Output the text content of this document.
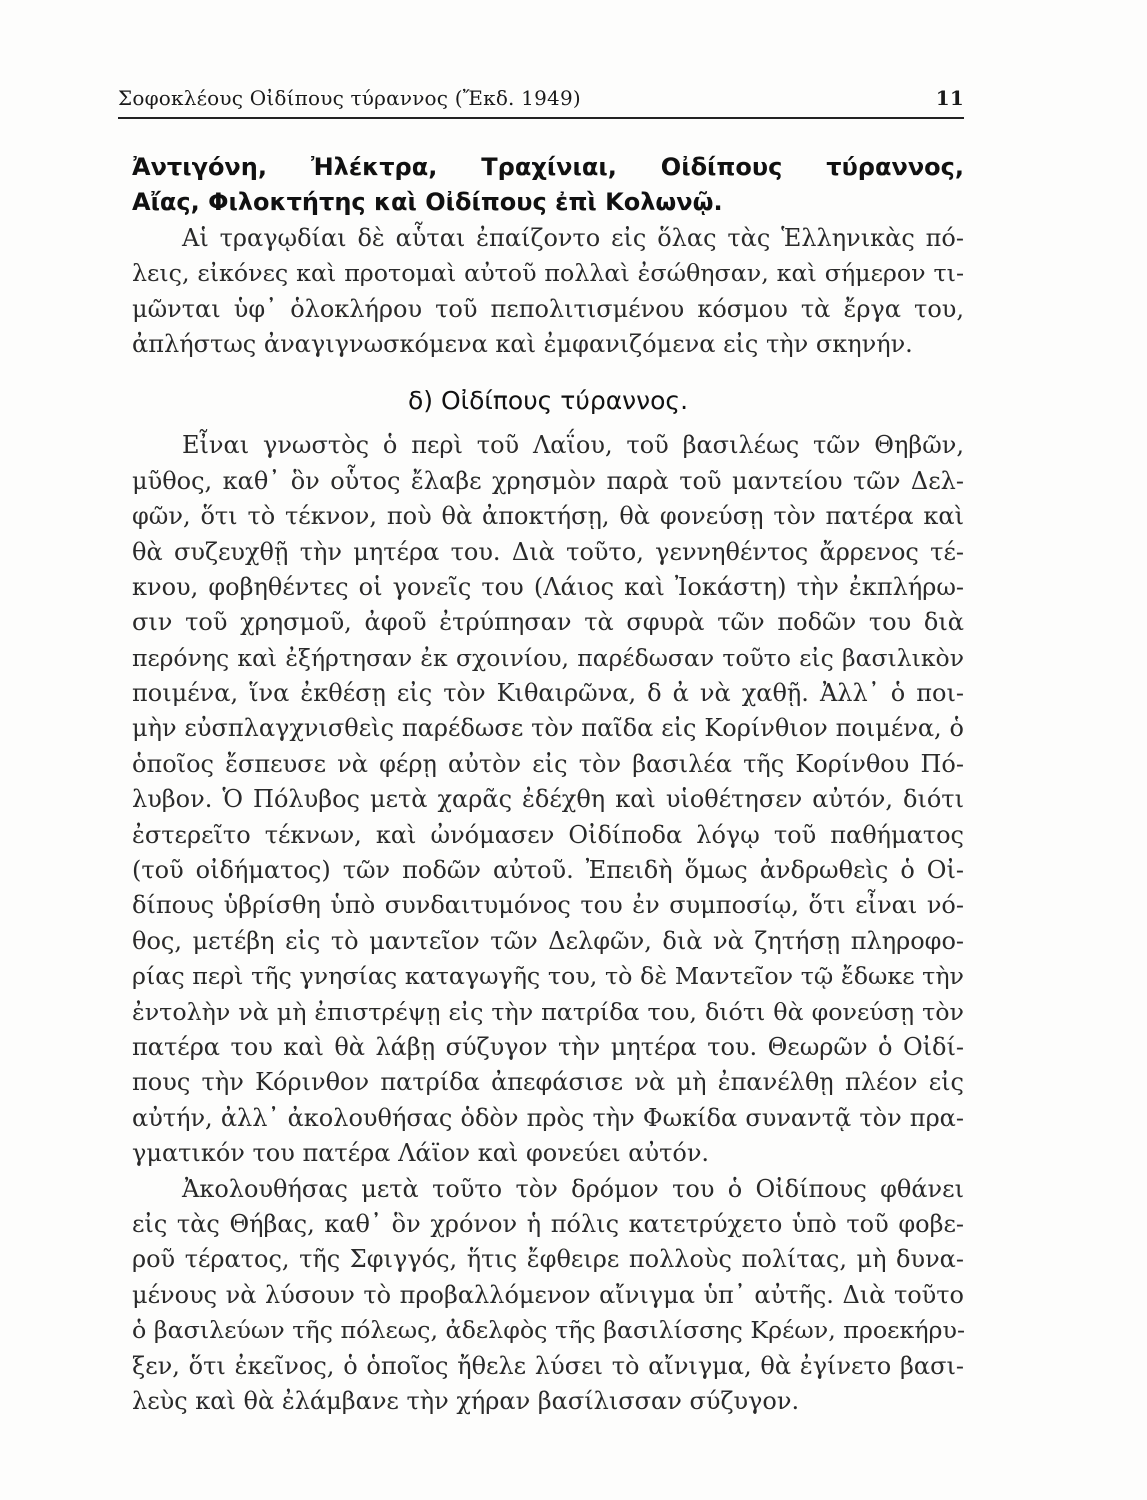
Σοφοκλέους Οἰδίπους τύραννος (Ἔκδ. 1949)	11
Ἀντιγόνη, Ἠλέκτρα, Τραχίνιαι, Οἰδίπους τύραννος,
Αἴας, Φιλοκτήτης καὶ Οἰδίπους ἐπὶ Κολωνῷ.
Αἱ τραγῳδίαι δὲ αὗται ἐπαίζοντο εἰς ὅλας τὰς Ἑλληνικὰς πό-
λεις, εἰκόνες καὶ προτομαὶ αὐτοῦ πολλαὶ ἐσώθησαν, καὶ σήμερον τι-
μῶνται ὑφ᾽ ὁλοκλήρου τοῦ πεπολιτισμένου κόσμου τὰ ἔργα του,
ἀπλήστως ἀναγιγνωσκόμενα καὶ ἐμφανιζόμενα εἰς τὴν σκηνήν.
δ) Οἰδίπους τύραννος.
Εἶναι γνωστὸς ὁ περὶ τοῦ Λαΐου, τοῦ βασιλέως τῶν Θηβῶν,
μῦθος, καθ᾽ ὃν οὗτος ἔλαβε χρησμὸν παρὰ τοῦ μαντείου τῶν Δελ-
φῶν, ὅτι τὸ τέκνον, ποὺ θὰ ἀποκτήσῃ, θὰ φονεύσῃ τὸν πατέρα καὶ
θὰ συζευχθῇ τὴν μητέρα του. Διὰ τοῦτο, γεννηθέντος ἄρρενος τέ-
κνου, φοβηθέντες οἱ γονεῖς του (Λάιος καὶ Ἰοκάστη) τὴν ἐκπλήρω-
σιν τοῦ χρησμοῦ, ἀφοῦ ἐτρύπησαν τὰ σφυρὰ τῶν ποδῶν του διὰ
περόνης καὶ ἐξήρτησαν ἐκ σχοινίου, παρέδωσαν τοῦτο εἰς βασιλικὸν
ποιμένα, ἵνα ἐκθέσῃ εἰς τὸν Κιθαιρῶνα, δ ἀ νὰ χαθῇ. Ἀλλ᾽ ὁ ποι-
μὴν εὐσπλαγχνισθεὶς παρέδωσε τὸν παῖδα εἰς Κορίνθιον ποιμένα, ὁ
ὁποῖος ἔσπευσε νὰ φέρῃ αὐτὸν εἰς τὸν βασιλέα τῆς Κορίνθου Πό-
λυβον. Ὁ Πόλυβος μετὰ χαρᾶς ἐδέχθη καὶ υἱοθέτησεν αὐτόν, διότι
ἐστερεῖτο τέκνων, καὶ ὠνόμασεν Οἰδίποδα λόγῳ τοῦ παθήματος
(τοῦ οἰδήματος) τῶν ποδῶν αὐτοῦ. Ἐπειδὴ ὅμως ἀνδρωθεὶς ὁ Οἰ-
δίπους ὑβρίσθη ὑπὸ συνδαιτυμόνος του ἐν συμποσίῳ, ὅτι εἶναι νό-
θος, μετέβη εἰς τὸ μαντεῖον τῶν Δελφῶν, διὰ νὰ ζητήσῃ πληροφο-
ρίας περὶ τῆς γνησίας καταγωγῆς του, τὸ δὲ Μαντεῖον τῷ ἔδωκε τὴν
ἐντολὴν νὰ μὴ ἐπιστρέψῃ εἰς τὴν πατρίδα του, διότι θὰ φονεύσῃ τὸν
πατέρα του καὶ θὰ λάβῃ σύζυγον τὴν μητέρα του. Θεωρῶν ὁ Οἰδί-
πους τὴν Κόρινθον πατρίδα ἀπεφάσισε νὰ μὴ ἐπανέλθῃ πλέον εἰς
αὐτήν, ἀλλ᾽ ἀκολουθήσας ὁδὸν πρὸς τὴν Φωκίδα συναντᾷ τὸν πρα-
γματικόν του πατέρα Λάϊον καὶ φονεύει αὐτόν.
Ἀκολουθήσας μετὰ τοῦτο τὸν δρόμον του ὁ Οἰδίπους φθάνει
εἰς τὰς Θήβας, καθ᾽ ὃν χρόνον ἡ πόλις κατετρύχετο ὑπὸ τοῦ φοβε-
ροῦ τέρατος, τῆς Σφιγγός, ἥτις ἔφθειρε πολλοὺς πολίτας, μὴ δυνα-
μένους νὰ λύσουν τὸ προβαλλόμενον αἴνιγμα ὑπ᾽ αὐτῆς. Διὰ τοῦτο
ὁ βασιλεύων τῆς πόλεως, ἀδελφὸς τῆς βασιλίσσης Κρέων, προεκήρυ-
ξεν, ὅτι ἐκεῖνος, ὁ ὁποῖος ἤθελε λύσει τὸ αἴνιγμα, θὰ ἐγίνετο βασι-
λεὺς καὶ θὰ ἐλάμβανε τὴν χήραν βασίλισσαν σύζυγον.
